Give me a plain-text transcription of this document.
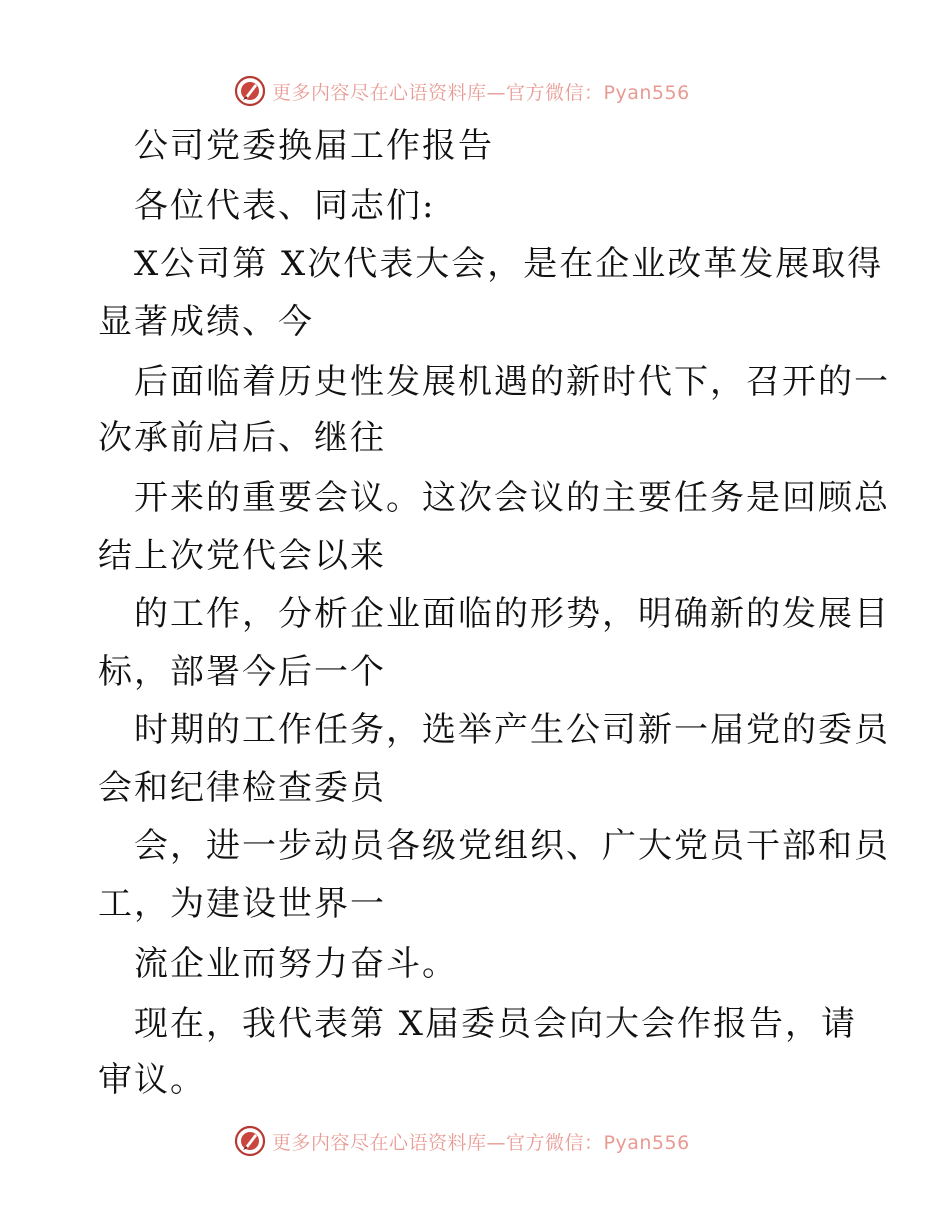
更多内容尽在心语资料库—官方微信：Pyan556
公司党委换届工作报告
各位代表、同志们:
X公司第 X次代表大会，是在企业改革发展取得
显著成绩、今
后面临着历史性发展机遇的新时代下，召开的一
次承前启后、继往
开来的重要会议。这次会议的主要任务是回顾总
结上次党代会以来
的工作，分析企业面临的形势，明确新的发展目
标，部署今后一个
时期的工作任务，选举产生公司新一届党的委员
会和纪律检查委员
会，进一步动员各级党组织、广大党员干部和员
工，为建设世界一
流企业而努力奋斗。
现在，我代表第 X届委员会向大会作报告，请
审议。
更多内容尽在心语资料库—官方微信：Pyan556
